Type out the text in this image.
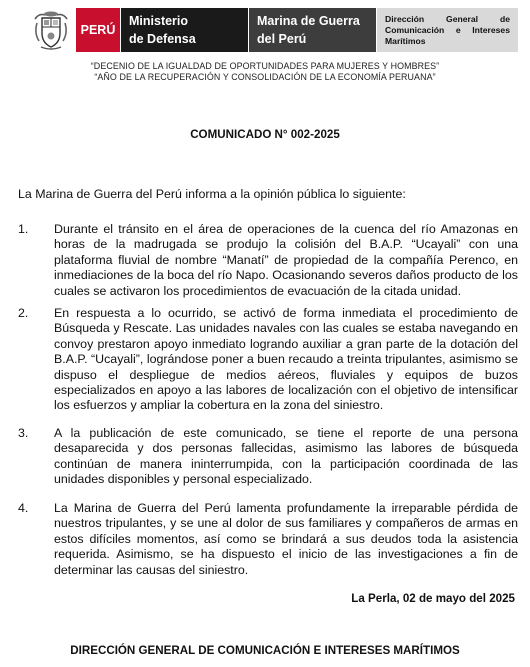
PERÚ
Ministerio
de Defensa
Marina de Guerra
del Perú
Dirección General de Comunicación e Intereses Marítimos
“DECENIO DE LA IGUALDAD DE OPORTUNIDADES PARA MUJERES Y HOMBRES”
“AÑO DE LA RECUPERACIÓN Y CONSOLIDACIÓN DE LA ECONOMÍA PERUANA”
COMUNICADO N° 002-2025
La Marina de Guerra del Perú informa a la opinión pública lo siguiente:
1.	Durante el tránsito en el área de operaciones de la cuenca del río Amazonas en horas de la madrugada se produjo la colisión del B.A.P. “Ucayali” con una plataforma fluvial de nombre “Manatí” de propiedad de la compañía Perenco, en inmediaciones de la boca del río Napo. Ocasionando severos daños producto de los cuales se activaron los procedimientos de evacuación de la citada unidad.
2.	En respuesta a lo ocurrido, se activó de forma inmediata el procedimiento de Búsqueda y Rescate. Las unidades navales con las cuales se estaba navegando en convoy prestaron apoyo inmediato logrando auxiliar a gran parte de la dotación del B.A.P. “Ucayali”, lográndose poner a buen recaudo a treinta tripulantes, asimismo se dispuso el despliegue de medios aéreos, fluviales y equipos de buzos especializados en apoyo a las labores de localización con el objetivo de intensificar los esfuerzos y ampliar la cobertura en la zona del siniestro.
3.	A la publicación de este comunicado, se tiene el reporte de una persona desaparecida y dos personas fallecidas, asimismo las labores de búsqueda continúan de manera ininterrumpida, con la participación coordinada de las unidades disponibles y personal especializado.
4.	La Marina de Guerra del Perú lamenta profundamente la irreparable pérdida de nuestros tripulantes, y se une al dolor de sus familiares y compañeros de armas en estos difíciles momentos, así como se brindará a sus deudos toda la asistencia requerida. Asimismo, se ha dispuesto el inicio de las investigaciones a fin de determinar las causas del siniestro.
La Perla, 02 de mayo del 2025
DIRECCIÓN GENERAL DE COMUNICACIÓN E INTERESES MARÍTIMOS
